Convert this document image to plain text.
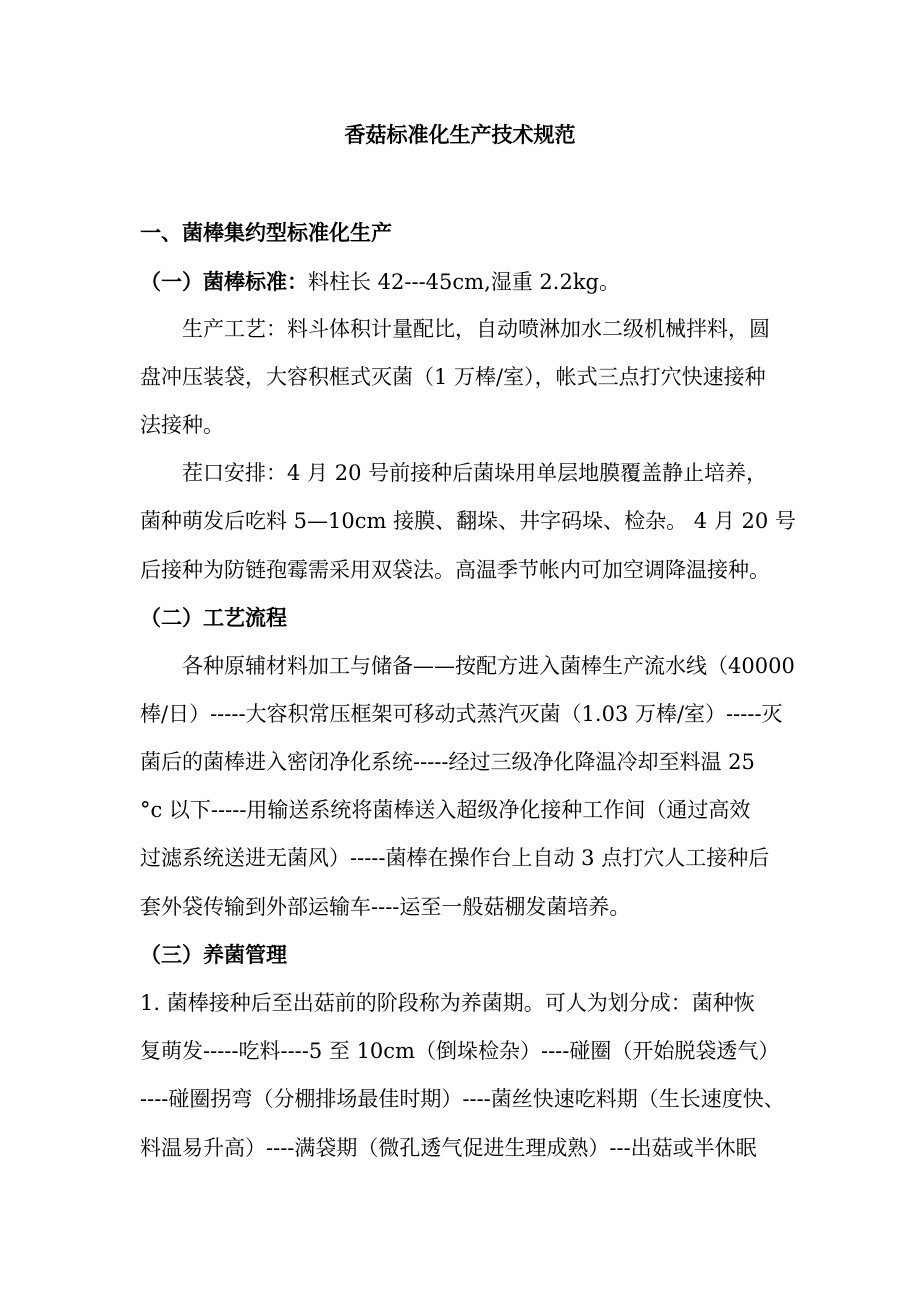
香菇标准化生产技术规范
一、菌棒集约型标准化生产
（一）菌棒标准：料柱长 42---45cm,湿重 2.2kg。
生产工艺：料斗体积计量配比，自动喷淋加水二级机械拌料，圆
盘冲压装袋，大容积框式灭菌（1 万棒/室），帐式三点打穴快速接种
法接种。
茬口安排：4 月 20 号前接种后菌垛用单层地膜覆盖静止培养，
菌种萌发后吃料 5—10cm 接膜、翻垛、井字码垛、检杂。 4 月 20 号
后接种为防链孢霉需采用双袋法。高温季节帐内可加空调降温接种。
（二）工艺流程
各种原辅材料加工与储备——按配方进入菌棒生产流水线（40000
棒/日）-----大容积常压框架可移动式蒸汽灭菌（1.03 万棒/室）-----灭
菌后的菌棒进入密闭净化系统-----经过三级净化降温冷却至料温 25
°c 以下-----用输送系统将菌棒送入超级净化接种工作间（通过高效
过滤系统送进无菌风）-----菌棒在操作台上自动 3 点打穴人工接种后
套外袋传输到外部运输车----运至一般菇棚发菌培养。
（三）养菌管理
1. 菌棒接种后至出菇前的阶段称为养菌期。可人为划分成：菌种恢
复萌发-----吃料----5 至 10cm（倒垛检杂）----碰圈（开始脱袋透气）
----碰圈拐弯（分棚排场最佳时期）----菌丝快速吃料期（生长速度快、
料温易升高）----满袋期（微孔透气促进生理成熟）---出菇或半休眠
